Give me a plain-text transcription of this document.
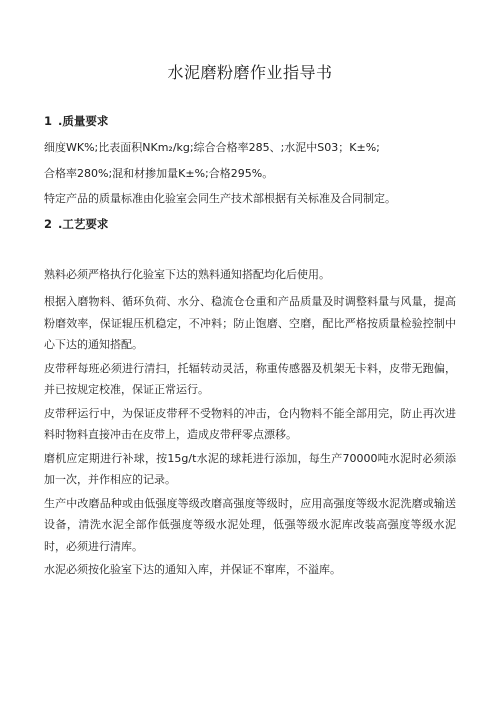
水泥磨粉磨作业指导书
1 .质量要求

细度WK%;比表面积NKm₂/kg;综合合格率285、;水泥中S03；K±%;

合格率280%;混和材掺加量K±%;合格295%。

特定产品的质量标准由化验室会同生产技术部根据有关标准及合同制定。

2 .工艺要求

熟料必须严格执行化验室下达的熟料通知搭配均化后使用。

根据入磨物料、循环负荷、水分、稳流仓仓重和产品质量及时调整料量与风量，提高粉磨效率，保证辊压机稳定，不冲料；防止饱磨、空磨，配比严格按质量检验控制中心下达的通知搭配。

皮带秤每班必须进行清扫，托辐转动灵活，称重传感器及机架无卡料，皮带无跑偏，并已按规定校准，保证正常运行。

皮带秤运行中，为保证皮带秤不受物料的冲击，仓内物料不能全部用完，防止再次进料时物料直接冲击在皮带上，造成皮带秤零点漂移。

磨机应定期进行补球，按15g/t水泥的球耗进行添加，每生产70000吨水泥时必须添加一次，并作相应的记录。

生产中改磨品种或由低强度等级改磨高强度等级时，应用高强度等级水泥洗磨或输送设备，清洗水泥全部作低强度等级水泥处理，低强等级水泥库改装高强度等级水泥时，必须进行清库。

水泥必须按化验室下达的通知入库，并保证不窜库，不溢库。
